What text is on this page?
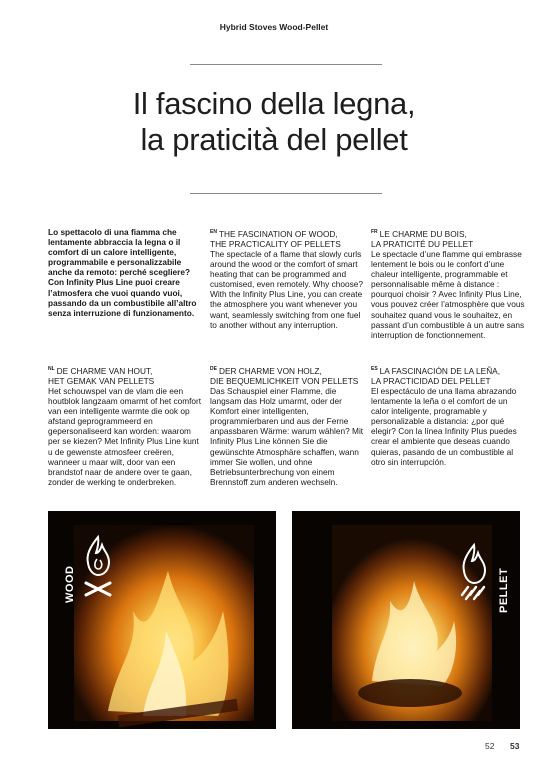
Hybrid Stoves Wood-Pellet
Il fascino della legna,
la praticità del pellet
Lo spettacolo di una fiamma che lentamente abbraccia la legna o il comfort di un calore intelligente, programmabile e personalizzabile anche da remoto: perché scegliere? Con Infinity Plus Line puoi creare l’atmosfera che vuoi quando vuoi, passando da un combustibile all’altro senza interruzione di funzionamento.
$^{EN}$ THE FASCINATION OF WOOD,
THE PRACTICALITY OF PELLETS
The spectacle of a flame that slowly curls around the wood or the comfort of smart heating that can be programmed and customised, even remotely. Why choose? With the Infinity Plus Line, you can create the atmosphere you want whenever you want, seamlessly switching from one fuel to another without any interruption.
$^{FR}$ LE CHARME DU BOIS,
LA PRATICITÉ DU PELLET
Le spectacle d’une flamme qui embrasse lentement le bois ou le confort d’une chaleur intelligente, programmable et personnalisable même à distance : pourquoi choisir ? Avec Infinity Plus Line, vous pouvez créer l’atmosphère que vous souhaitez quand vous le souhaitez, en passant d’un combustible à un autre sans interruption de fonctionnement.
$^{NL}$ DE CHARME VAN HOUT,
HET GEMAK VAN PELLETS
Het schouwspel van de vlam die een houtblok langzaam omarmt of het comfort van een intelligente warmte die ook op afstand geprogrammeerd en gepersonaliseerd kan worden: waarom per se kiezen? Met Infinity Plus Line kunt u de gewenste atmosfeer creëren, wanneer u maar wilt, door van een brandstof naar de andere over te gaan, zonder de werking te onderbreken.
$^{DE}$ DER CHARME VON HOLZ,
DIE BEQUEMLICHKEIT VON PELLETS
Das Schauspiel einer Flamme, die langsam das Holz umarmt, oder der Komfort einer intelligenten, programmierbaren und aus der Ferne anpassbaren Wärme: warum wählen? Mit Infinity Plus Line können Sie die gewünschte Atmosphäre schaffen, wann immer Sie wollen, und ohne Betriebsunterbrechung von einem Brennstoff zum anderen wechseln.
$^{ES}$ LA FASCINACIÓN DE LA LEÑA,
LA PRACTICIDAD DEL PELLET
El espectáculo de una llama abrazando lentamente la leña o el comfort de un calor inteligente, programable y personalizable a distancia: ¿por qué elegir? Con la línea Infinity Plus puedes crear el ambiente que deseas cuando quieras, pasando de un combustible al otro sin interrupción.
WOOD	PELLET
52 53
